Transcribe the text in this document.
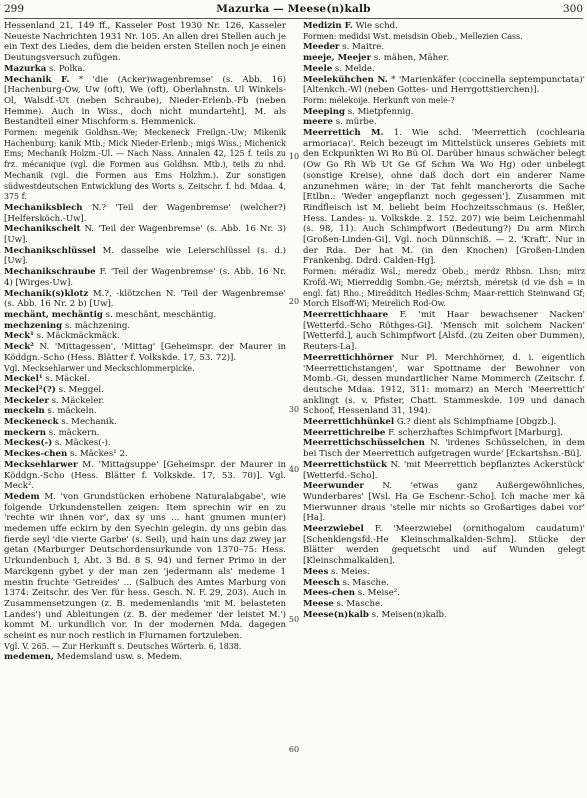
299	Mazurka — Meese(n)kalb	300

Hessenland 21, 149 ff., Kasseler Post 1930 Nr. 126, Kasseler Neueste Nachrichten 1931 Nr. 105. An allen drei Stellen auch je ein Text des Liedes, dem die beiden ersten Stellen noch je einen Deutungsversuch zufügen.

Mazurka s. Polka.

Mechanik F. * 'die (Acker)wagenbremse' (s. Abb. 16) [Hachenburg-Ow, Uw (oft), We (oft), Oberlahnstn. Ul Winkels-Ol, Walsdf.-Ut (neben Schraube), Nieder-Erlenb.-Fb (neben Hemme). Auch in Wiss., doch nicht mundarteht]. M. als Bestandteil einer Mischform s. Hemmenick.

Formen: megenik Goldhsn.-We; Meckeneck Freilgn.-Uw; Mikenik Hachenburg; kanik Mtb.; Mick Nieder-Erlenb.; migs Wiss.; Michenick Ems; Mechanik Holzm.-Ul. — Nach Nass. Annalen 42, 125 f. teils zu frz. mécanique (vgl. die Formen aus Goldhsn. Mtb.), teils zu nhd. Mechanik (vgl. die Formen aus Ems Holzhm.). Zur sonstigen südwestdeutschen Entwicklung des Worts s. Zeitschr. f. hd. Mdaa. 4, 375 f.

Mechaniksblech N.? 'Teil der Wagenbremse' (welcher?) [Helfersköch.-Uw].

Mechanikschelt N. 'Teil der Wagenbremse' (s. Abb. 16 Nr. 3) [Uw].

Mechanikschlüssel M. dasselbe wie Leierschlüssel (s. d.) [Uw].

Mechanikschraube F. 'Teil der Wagenbremse' (s. Abb. 16 Nr. 4) [Wirges-Uw].

Mechanik(s)klotz M.?, -klötzchen N. 'Teil der Wagenbremse' (s. Abb. 16 Nr. 2 b) [Uw].

mechänt, mechäntig s. meschänt, meschäntig.

mechzening s. mächzening.

Meck¹ s. Mäckmäckmäck.

Meck² N. 'Mittagessen', 'Mittag' [Geheimspr. der Maurer in Köddgn.-Scho (Hess. Blätter f. Volkskde. 17, 53. 72)].

Vgl. Mecksehlarwer und Meckschlommerpicke.

Meckel¹ s. Mäckel.

Meckel²(?) s. Meggel.

Meckeler s. Mäckeler.

meckeln s. mäckeln.

Meckeneck s. Mechanik.

meckern s. mäckern.

Meckes(-) s. Mäckes(-).

Meckes-chen s. Mäckes¹ 2.

Mecksehlarwer M. 'Mittagsuppe' [Geheimspr. der Maurer in Köddgn.-Scho (Hess. Blätter f. Volkskde. 17, 53. 70)]. Vgl. Meck².

Medem M. 'von Grundstücken erhobene Naturalabgabe', wie folgende Urkundenstellen zeigen: Item sprechin wir en zu 'rechte wir ihnen vor', dax sy uns ... hant gnumen mun(er) medemen uffe eckirn by den Syechin gelegin. dy uns gebin das fierde seyl 'die vierte Garbe' (s. Seil), und hain uns daz zwey jar getan (Marburger Deutschordensurkunde von 1370–75: Hess. Urkundenbuch I, Abt. 3 Bd. 8 S. 94) und ferner Primo in der Marckgenn gybet y der man zen 'jedermann als' medeme 1 mestin fruchte 'Getreides' ... (Salbuch des Amtes Marburg von 1374: Zeitschr. des Ver. für hess. Gesch. N. F. 29, 203). Auch in Zusammensetzungen (z. B. medemenlandis 'mit M. belasteten Landes') und Ableitungen (z. B. der medemer 'der leistet M.') kommt M. urkundlich vor. In der modernen Mda. dagegen scheint es nur noch restlich in Flurnamen fortzuleben.

Vgl. V. 265. — Zur Herkunft s. Deutsches Wörterb. 6, 1838.

medemen, Medemsland usw. s. Medem.

10
20
30
40
50
60

Medizin F. Wie schd.

Formen: medidsi Wst. meisdsin Obeb., Mellezien Cass.

Meeder s. Maitre.

meeje, Meejer s. mähen, Mäher.

Meele s. Melde.

Meelekühchen N. * 'Marienkäfer (coccinella septempunctata)' [Altenkch.-Wl (neben Gottes- und Herrgottstierchen)].

Form: mélekoije. Herkunft von mele-?

Meeping s. Mietpfennig.

meere s. mürbe.

Meerrettich M. 1. Wie schd. 'Meerrettich (cochlearia armoriaca)'. Reich bezeugt im Mittelstück unseres Gebiets mit den Eckpunkten Wi Ro Bü Ol. Darüber hinaus schwächer belegt (Ow Go Rh Wb Ut Ge Gf Schm Wa Wo Hg) oder unbelegt (sonstige Kreise), ohne daß doch dort ein anderer Name anzunehmen wäre; in der Tat fehlt mancherorts die Sache [Etlbn.: 'Weder angepflanzt noch gegessen']. Zusammen mit Rindfleisch ist M. beliebt beim Hochzeitsschmaus (s. Heßler, Hess. Landes- u. Volkskde. 2. 152. 207) wie beim Leichenmahl (s. 98, 11). Auch Schimpfwort (Bedeutung?) Du arm Mirch [Großen-Linden-Gi]. Vgl. noch Dünnschiß. — 2. 'Kraft'. Nur in der Rda. Der hat M. (in den Knochen) [Großen-Linden Frankenbg. Ddrd. Calden-Hg].

Formen: méradiz Wsl.; meredz Obeb.; merdz Rhbsn. Lhsn; mirz Krofd.-Wi; Mierreddig Sombn.-Ge; mérztsh, méretsk (d vie dsh = in engl. fat) Rho.; Miredditch Hedles-Schm; Maar-rettich Steinwand Gf; Morch Elsoff-Wi; Meirelich Rod-Ow.

Meerrettichhaare F. 'mit Haar bewachsener Nacken' [Wetterfd.-Scho Röthges-Gi]. 'Mensch mit solchem Nacken' [Wetterfd.], auch Schimpfwort [Alsfd. (zu Zeiten ober Dummen), Reuters-La].

Meerrettichhörner Nur Pl. Merchhörner, d. i. eigentlich 'Meerrettichstangen', war Spottname der Bewohner von Momb.-Gi, dessen mundartlicher Name Mommerch (Zeitschr. f. deutsche Mdaa. 1912, 311: momarz) an Merch 'Meerrettich' anklingt (s. v. Pfister, Chatt. Stammeskde. 109 und danach Schoof, Hessenland 31, 194).

Meerrettichhünkel G.? dient als Schimpfname [Obgzb.].

Meerrettichreibe F. scherzhaftes Schimpfwort [Marburg].

Meerrettichschüsselchen N. 'irdenes Schüsselchen, in dem bei Tisch der Meerrettich aufgetragen wurde' [Eckartshsn.-Bü].

Meerrettichstück N. 'mit Meerrettich bepflanztes Ackerstück' [Wetterfd.-Scho].

Meerwunder N. 'etwas ganz Außergewöhnliches, Wunderbares' [Wsl. Ha Ge Eschenr.-Scho]. Ich mache mer kā Mierwunner draus 'stelle mir nichts so Großartiges dabei vor' [Ha].

Meerzwiebel F. 'Meerzwiebel (ornithogalum caudatum)' [Schenklengsfd.-He Kleinschmalkalden-Schm]. Stücke der Blätter werden gequetscht und auf Wunden gelegt [Kleinschmalkalden].

Mees s. Meies.

Meesch s. Masche.

Mees-chen s. Meise².

Meese s. Masche.

Meese(n)kalb s. Meisen(n)kalb.
